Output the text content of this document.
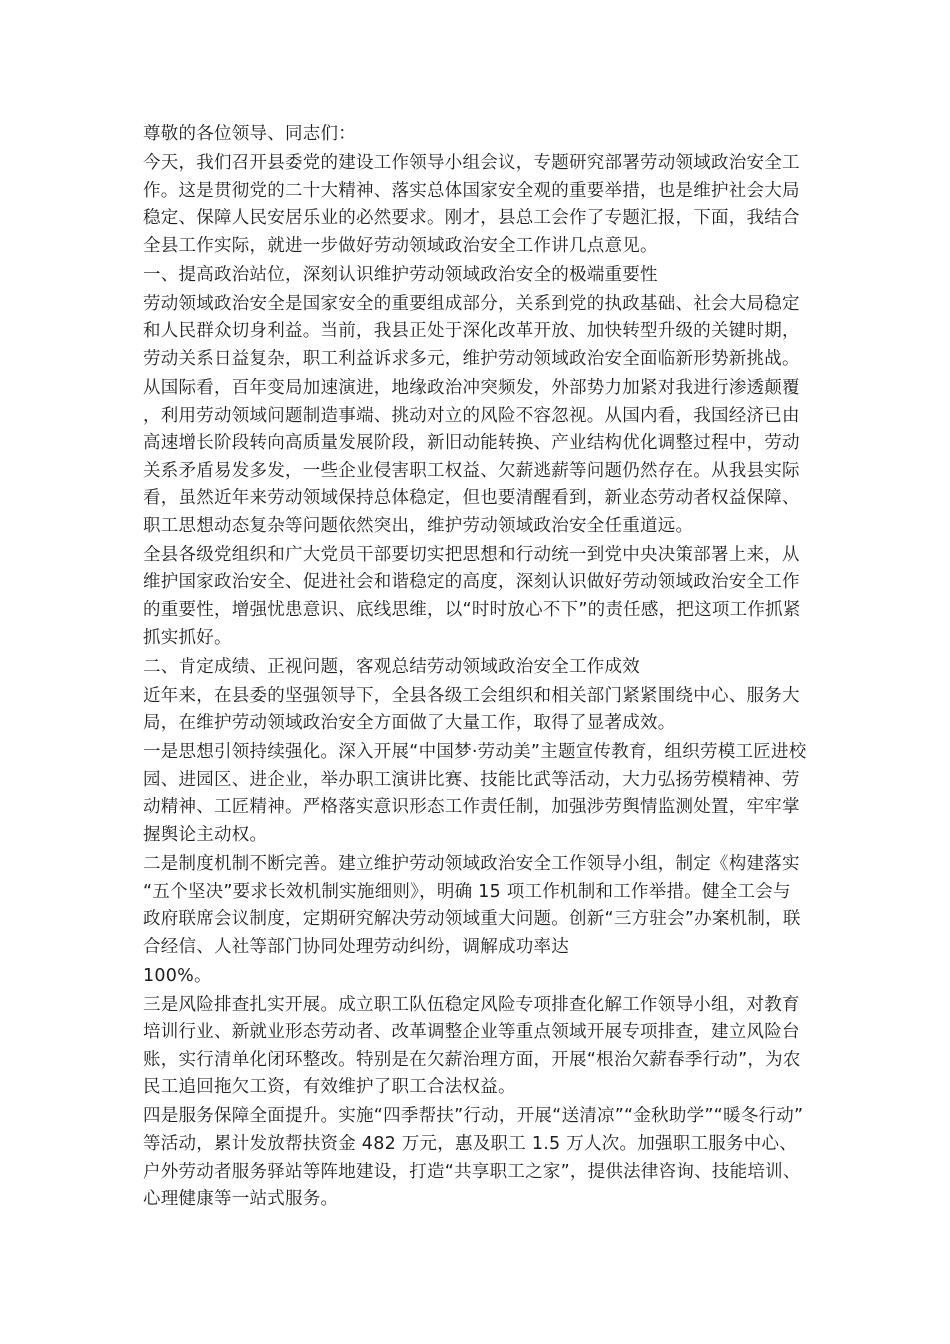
尊敬的各位领导、同志们：

今天，我们召开县委党的建设工作领导小组会议，专题研究部署劳动领域政治安全工作。这是贯彻党的二十大精神、落实总体国家安全观的重要举措，也是维护社会大局稳定、保障人民安居乐业的必然要求。刚才，县总工会作了专题汇报，下面，我结合全县工作实际，就进一步做好劳动领域政治安全工作讲几点意见。

一、提高政治站位，深刻认识维护劳动领域政治安全的极端重要性

劳动领域政治安全是国家安全的重要组成部分，关系到党的执政基础、社会大局稳定和人民群众切身利益。当前，我县正处于深化改革开放、加快转型升级的关键时期，劳动关系日益复杂，职工利益诉求多元，维护劳动领域政治安全面临新形势新挑战。

从国际看，百年变局加速演进，地缘政治冲突频发，外部势力加紧对我进行渗透颠覆，利用劳动领域问题制造事端、挑动对立的风险不容忽视。从国内看，我国经济已由高速增长阶段转向高质量发展阶段，新旧动能转换、产业结构优化调整过程中，劳动关系矛盾易发多发，一些企业侵害职工权益、欠薪逃薪等问题仍然存在。从我县实际看，虽然近年来劳动领域保持总体稳定，但也要清醒看到，新业态劳动者权益保障、职工思想动态复杂等问题依然突出，维护劳动领域政治安全任重道远。

全县各级党组织和广大党员干部要切实把思想和行动统一到党中央决策部署上来，从维护国家政治安全、促进社会和谐稳定的高度，深刻认识做好劳动领域政治安全工作的重要性，增强忧患意识、底线思维，以“时时放心不下”的责任感，把这项工作抓紧抓实抓好。

二、肯定成绩、正视问题，客观总结劳动领域政治安全工作成效

近年来，在县委的坚强领导下，全县各级工会组织和相关部门紧紧围绕中心、服务大局，在维护劳动领域政治安全方面做了大量工作，取得了显著成效。

一是思想引领持续强化。深入开展“中国梦·劳动美”主题宣传教育，组织劳模工匠进校园、进园区、进企业，举办职工演讲比赛、技能比武等活动，大力弘扬劳模精神、劳动精神、工匠精神。严格落实意识形态工作责任制，加强涉劳舆情监测处置，牢牢掌握舆论主动权。

二是制度机制不断完善。建立维护劳动领域政治安全工作领导小组，制定《构建落实“五个坚决”要求长效机制实施细则》，明确 15 项工作机制和工作举措。健全工会与政府联席会议制度，定期研究解决劳动领域重大问题。创新“三方驻会”办案机制，联合经信、人社等部门协同处理劳动纠纷，调解成功率达

100%。

三是风险排查扎实开展。成立职工队伍稳定风险专项排查化解工作领导小组，对教育培训行业、新就业形态劳动者、改革调整企业等重点领域开展专项排查，建立风险台账，实行清单化闭环整改。特别是在欠薪治理方面，开展“根治欠薪春季行动”，为农民工追回拖欠工资，有效维护了职工合法权益。

四是服务保障全面提升。实施“四季帮扶”行动，开展“送清凉”“金秋助学”“暖冬行动”等活动，累计发放帮扶资金 482 万元，惠及职工 1.5 万人次。加强职工服务中心、户外劳动者服务驿站等阵地建设，打造“共享职工之家”，提供法律咨询、技能培训、心理健康等一站式服务。
